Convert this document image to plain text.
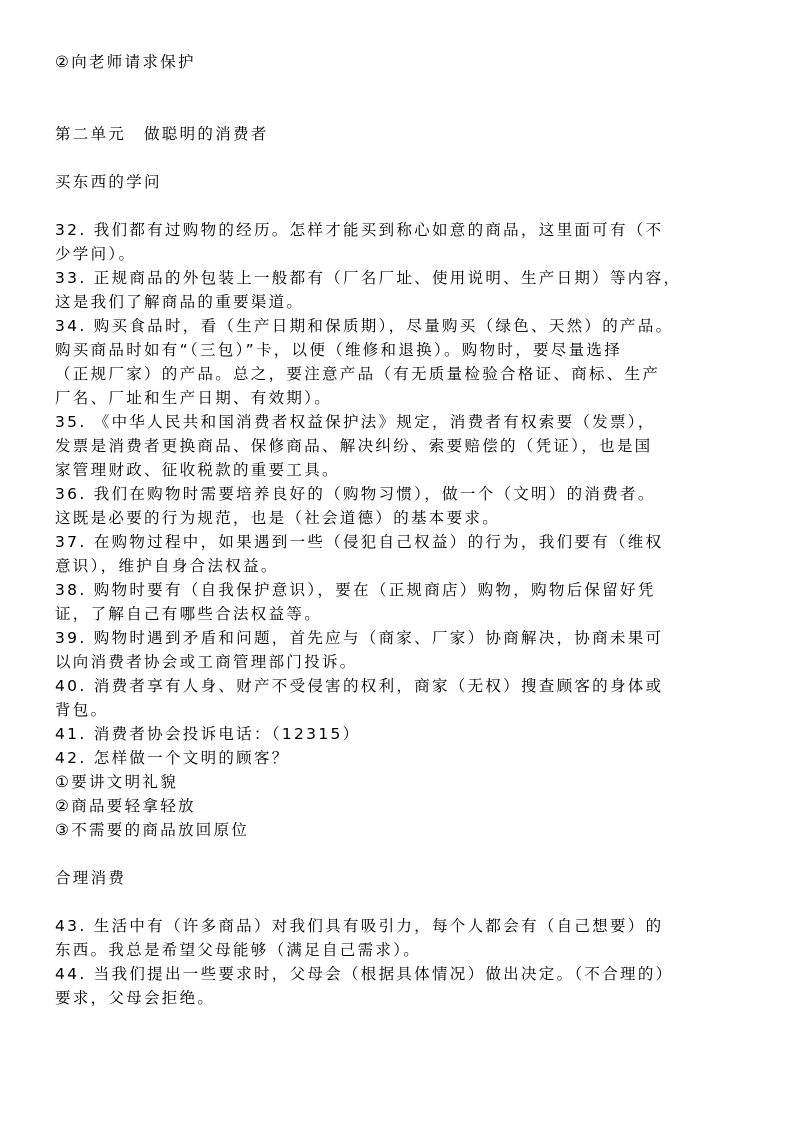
②向老师请求保护
第二单元　做聪明的消费者
买东西的学问
32. 我们都有过购物的经历。怎样才能买到称心如意的商品，这里面可有（不
少学问）。
33. 正规商品的外包装上一般都有（厂名厂址、使用说明、生产日期）等内容，
这是我们了解商品的重要渠道。
34. 购买食品时，看（生产日期和保质期），尽量购买（绿色、天然）的产品。
购买商品时如有“（三包）”卡，以便（维修和退换）。购物时，要尽量选择
（正规厂家）的产品。总之，要注意产品（有无质量检验合格证、商标、生产
厂名、厂址和生产日期、有效期）。
35. 《中华人民共和国消费者权益保护法》规定，消费者有权索要（发票），
发票是消费者更换商品、保修商品、解决纠纷、索要赔偿的（凭证），也是国
家管理财政、征收税款的重要工具。
36. 我们在购物时需要培养良好的（购物习惯），做一个（文明）的消费者。
这既是必要的行为规范，也是（社会道德）的基本要求。
37. 在购物过程中，如果遇到一些（侵犯自己权益）的行为，我们要有（维权
意识），维护自身合法权益。
38. 购物时要有（自我保护意识），要在（正规商店）购物，购物后保留好凭
证，了解自己有哪些合法权益等。
39. 购物时遇到矛盾和问题，首先应与（商家、厂家）协商解决，协商未果可
以向消费者协会或工商管理部门投诉。
40. 消费者享有人身、财产不受侵害的权利，商家（无权）搜查顾客的身体或
背包。
41. 消费者协会投诉电话：（12315）
42. 怎样做一个文明的顾客？
①要讲文明礼貌
②商品要轻拿轻放
③不需要的商品放回原位
合理消费
43. 生活中有（许多商品）对我们具有吸引力，每个人都会有（自己想要）的
东西。我总是希望父母能够（满足自己需求）。
44. 当我们提出一些要求时，父母会（根据具体情况）做出决定。（不合理的）
要求，父母会拒绝。
